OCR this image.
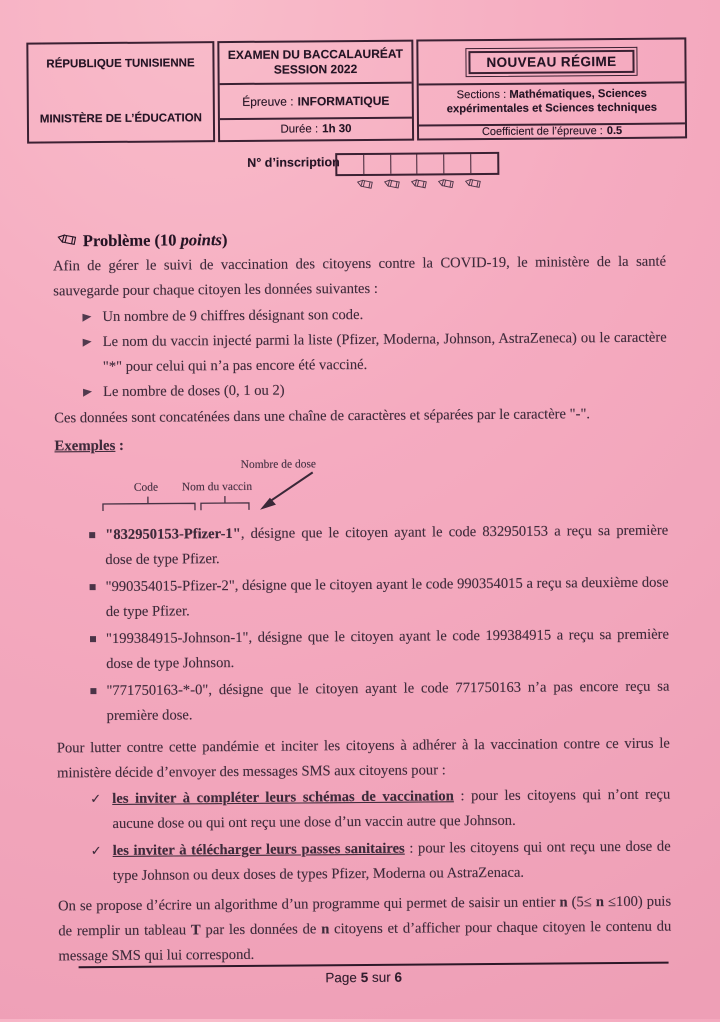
RÉPUBLIQUE TUNISIENNE
MINISTÈRE DE L’ÉDUCATION
EXAMEN DU BACCALAURÉAT
SESSION 2022
Épreuve : INFORMATIQUE
Durée : 1h 30
NOUVEAU RÉGIME
Sections : Mathématiques, Sciences expérimentales et Sciences techniques
Coefficient de l’épreuve : 0.5
N° d’inscription
Problème (10 points)
Afin de gérer le suivi de vaccination des citoyens contre la COVID-19, le ministère de la santé sauvegarde pour chaque citoyen les données suivantes :
Un nombre de 9 chiffres désignant son code.
Le nom du vaccin injecté parmi la liste (Pfizer, Moderna, Johnson, AstraZeneca) ou le caractère "*" pour celui qui n’a pas encore été vacciné.
Le nombre de doses (0, 1 ou 2)
Ces données sont concaténées dans une chaîne de caractères et séparées par le caractère "-".
Exemples :
Nombre de dose
Code Nom du vaccin
"832950153-Pfizer-1", désigne que le citoyen ayant le code 832950153 a reçu sa première dose de type Pfizer.
"990354015-Pfizer-2", désigne que le citoyen ayant le code 990354015 a reçu sa deuxième dose de type Pfizer.
"199384915-Johnson-1", désigne que le citoyen ayant le code 199384915 a reçu sa première dose de type Johnson.
"771750163-*-0", désigne que le citoyen ayant le code 771750163 n’a pas encore reçu sa première dose.
Pour lutter contre cette pandémie et inciter les citoyens à adhérer à la vaccination contre ce virus le ministère décide d’envoyer des messages SMS aux citoyens pour :
✓ les inviter à compléter leurs schémas de vaccination : pour les citoyens qui n’ont reçu aucune dose ou qui ont reçu une dose d’un vaccin autre que Johnson.
✓ les inviter à télécharger leurs passes sanitaires : pour les citoyens qui ont reçu une dose de type Johnson ou deux doses de types Pfizer, Moderna ou AstraZenaca.
On se propose d’écrire un algorithme d’un programme qui permet de saisir un entier n (5≤ n ≤100) puis de remplir un tableau T par les données de n citoyens et d’afficher pour chaque citoyen le contenu du message SMS qui lui correspond.
Page 5 sur 6
